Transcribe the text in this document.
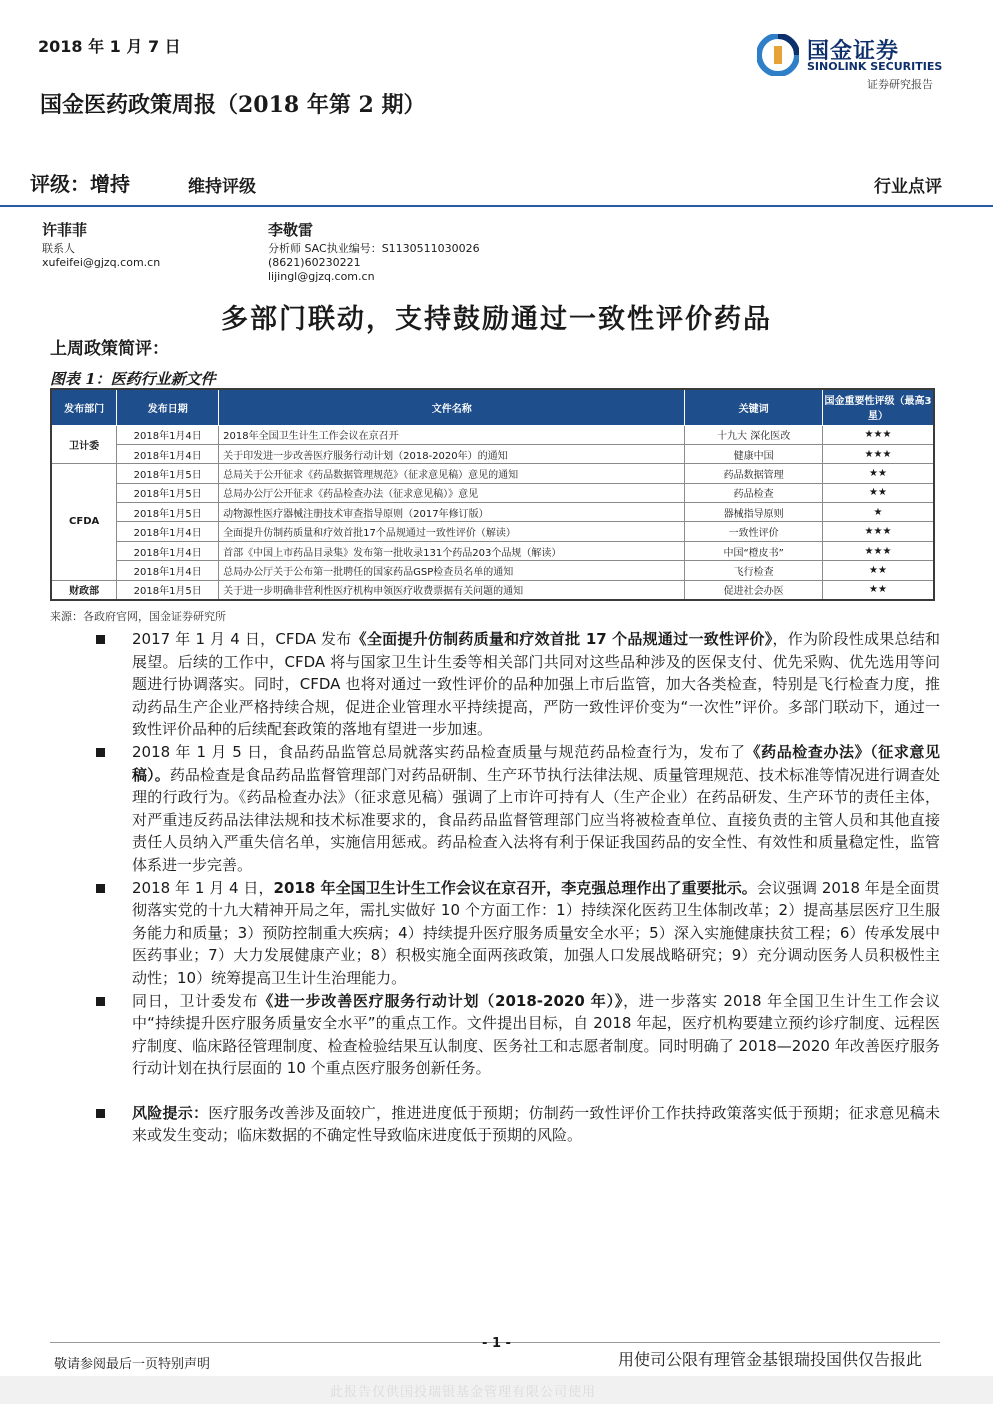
2018 年 1 月 7 日	国金证券
SINOLINK SECURITIES
证券研究报告
国金医药政策周报（2018 年第 2 期）
评级：增持	维持评级	行业点评
许菲菲
联系人
xufeifei@gjzq.com.cn
李敬雷
分析师 SAC执业编号：S1130511030026
(8621)60230221
lijingl@gjzq.com.cn
多部门联动，支持鼓励通过一致性评价药品
上周政策简评：
图表 1：医药行业新文件
发布部门	发布日期	文件名称	关键词	国金重要性评级（最高3星）
卫计委	2018年1月4日	2018年全国卫生计生工作会议在京召开	十九大 深化医改	★★★
	2018年1月4日	关于印发进一步改善医疗服务行动计划（2018-2020年）的通知	健康中国	★★★
CFDA	2018年1月5日	总局关于公开征求《药品数据管理规范》（征求意见稿）意见的通知	药品数据管理	★★
	2018年1月5日	总局办公厅公开征求《药品检查办法（征求意见稿）》意见	药品检查	★★
	2018年1月5日	动物源性医疗器械注册技术审查指导原则（2017年修订版）	器械指导原则	★
	2018年1月4日	全面提升仿制药质量和疗效首批17个品规通过一致性评价（解读）	一致性评价	★★★
	2018年1月4日	首部《中国上市药品目录集》发布第一批收录131个药品203个品规（解读）	中国“橙皮书”	★★★
	2018年1月4日	总局办公厅关于公布第一批聘任的国家药品GSP检查员名单的通知	飞行检查	★★
财政部	2018年1月5日	关于进一步明确非营利性医疗机构申领医疗收费票据有关问题的通知	促进社会办医	★★
来源：各政府官网，国金证券研究所
2017 年 1 月 4 日，CFDA 发布《全面提升仿制药质量和疗效首批 17 个品规通过一致性评价》，作为阶段性成果总结和展望。后续的工作中，CFDA 将与国家卫生计生委等相关部门共同对这些品种涉及的医保支付、优先采购、优先选用等问题进行协调落实。同时，CFDA 也将对通过一致性评价的品种加强上市后监管，加大各类检查，特别是飞行检查力度，推动药品生产企业严格持续合规，促进企业管理水平持续提高，严防一致性评价变为“一次性”评价。多部门联动下，通过一致性评价品种的后续配套政策的落地有望进一步加速。
2018 年 1 月 5 日，食品药品监管总局就落实药品检查质量与规范药品检查行为，发布了《药品检查办法》（征求意见稿）。药品检查是食品药品监督管理部门对药品研制、生产环节执行法律法规、质量管理规范、技术标准等情况进行调查处理的行政行为。《药品检查办法》（征求意见稿）强调了上市许可持有人（生产企业）在药品研发、生产环节的责任主体，对严重违反药品法律法规和技术标准要求的，食品药品监督管理部门应当将被检查单位、直接负责的主管人员和其他直接责任人员纳入严重失信名单，实施信用惩戒。药品检查入法将有利于保证我国药品的安全性、有效性和质量稳定性，监管体系进一步完善。
2018 年 1 月 4 日，2018 年全国卫生计生工作会议在京召开，李克强总理作出了重要批示。会议强调 2018 年是全面贯彻落实党的十九大精神开局之年，需扎实做好 10 个方面工作：1）持续深化医药卫生体制改革；2）提高基层医疗卫生服务能力和质量；3）预防控制重大疾病；4）持续提升医疗服务质量安全水平；5）深入实施健康扶贫工程；6）传承发展中医药事业；7）大力发展健康产业；8）积极实施全面两孩政策，加强人口发展战略研究；9）充分调动医务人员积极性主动性；10）统筹提高卫生计生治理能力。
同日，卫计委发布《进一步改善医疗服务行动计划（2018-2020 年）》，进一步落实 2018 年全国卫生计生工作会议中“持续提升医疗服务质量安全水平”的重点工作。文件提出目标，自 2018 年起，医疗机构要建立预约诊疗制度、远程医疗制度、临床路径管理制度、检查检验结果互认制度、医务社工和志愿者制度。同时明确了 2018—2020 年改善医疗服务行动计划在执行层面的 10 个重点医疗服务创新任务。
风险提示：医疗服务改善涉及面较广，推进进度低于预期；仿制药一致性评价工作扶持政策落实低于预期；征求意见稿未来或发生变动；临床数据的不确定性导致临床进度低于预期的风险。
- 1 -
敬请参阅最后一页特别声明	用使司公限有理管金基银瑞投国供仅告报此
此报告仅供国投瑞银基金管理有限公司使用
